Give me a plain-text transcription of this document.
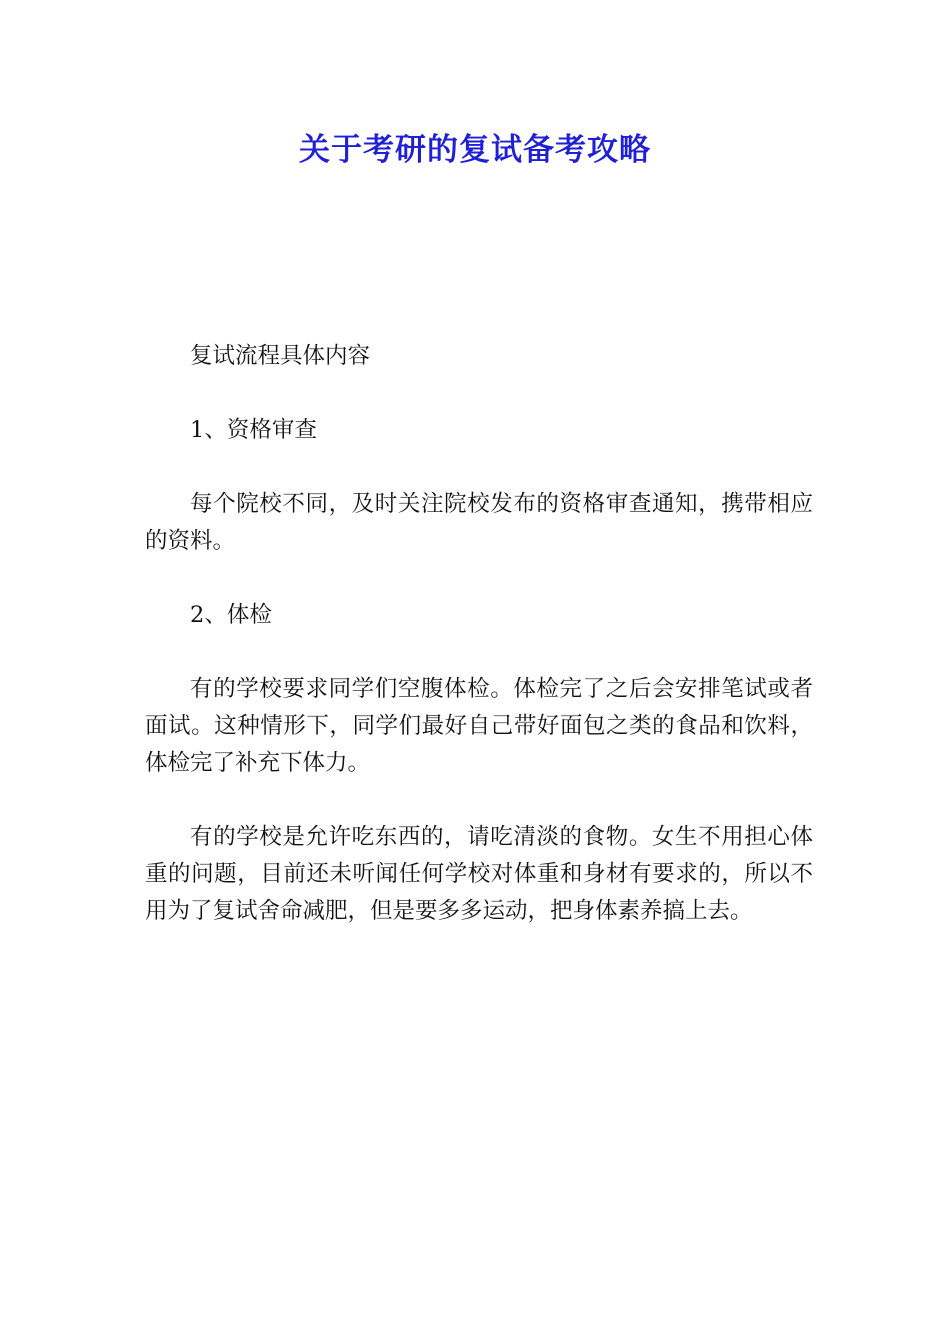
关于考研的复试备考攻略

复试流程具体内容

1、资格审查

每个院校不同，及时关注院校发布的资格审查通知，携带相应的资料。

2、体检

有的学校要求同学们空腹体检。体检完了之后会安排笔试或者面试。这种情形下，同学们最好自己带好面包之类的食品和饮料，体检完了补充下体力。

有的学校是允许吃东西的，请吃清淡的食物。女生不用担心体重的问题，目前还未听闻任何学校对体重和身材有要求的，所以不用为了复试舍命减肥，但是要多多运动，把身体素养搞上去。
